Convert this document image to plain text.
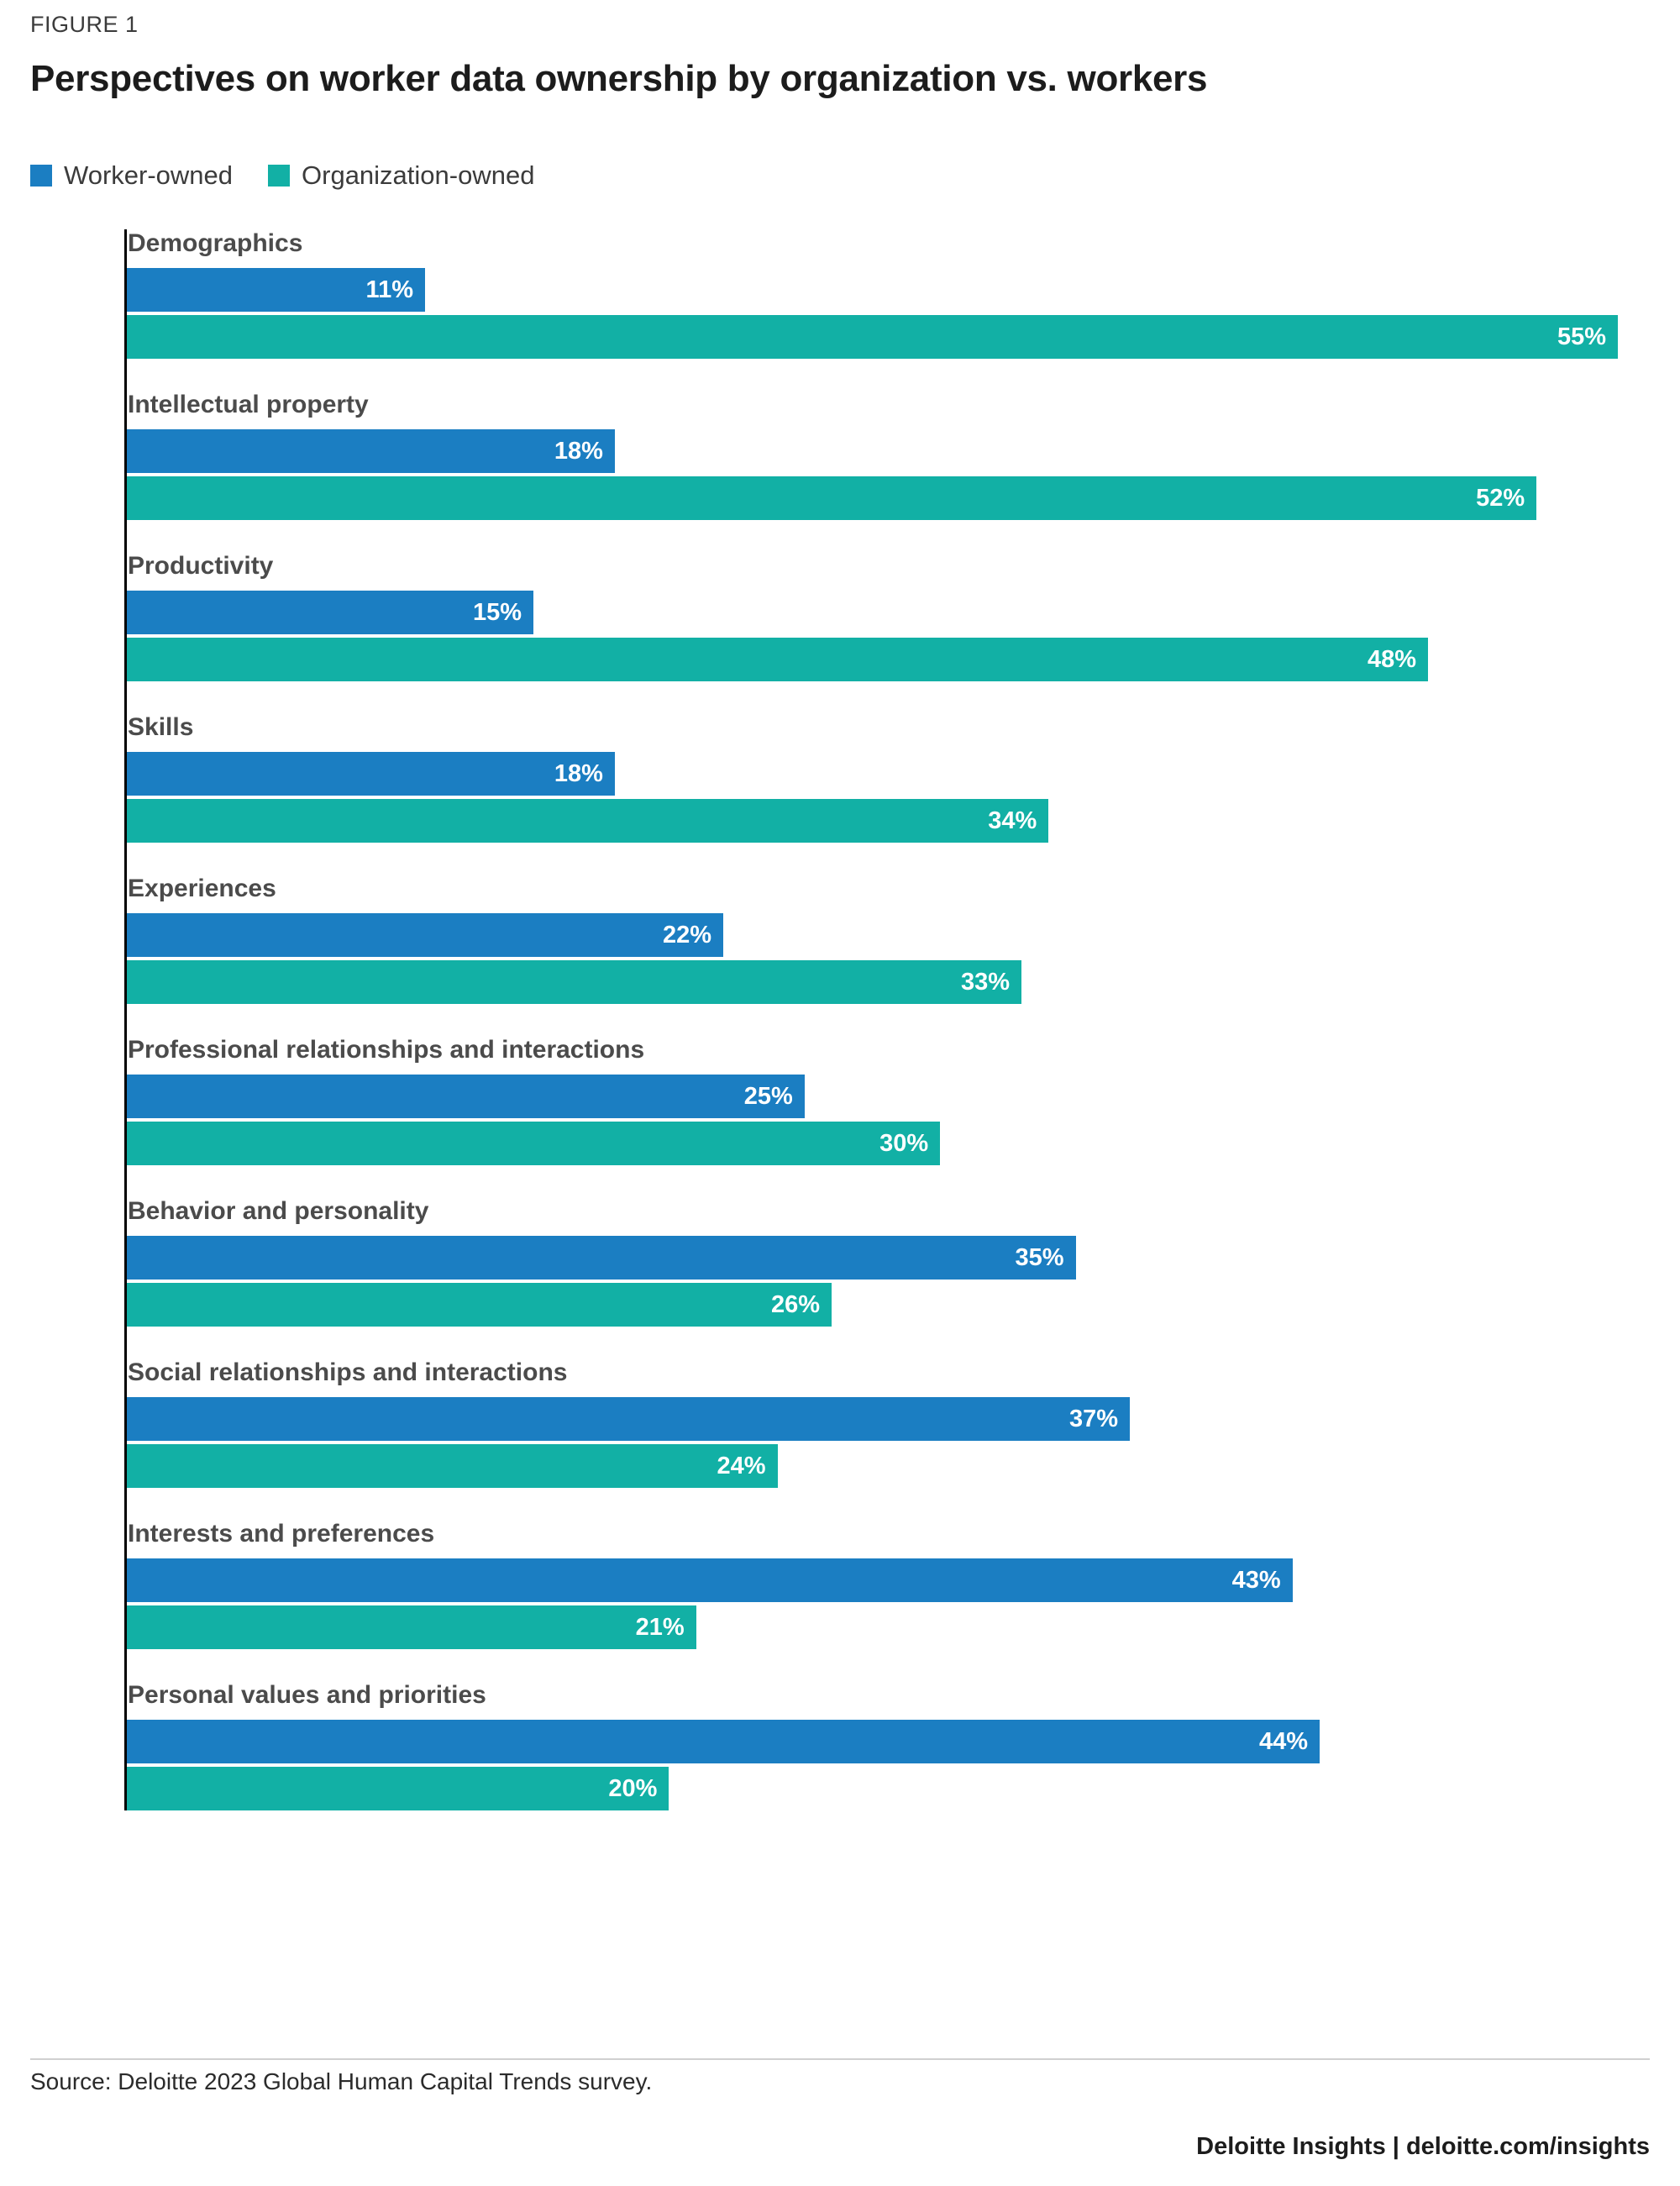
FIGURE 1
Perspectives on worker data ownership by organization vs. workers
Worker-owned	Organization-owned
Demographics
11%
55%
Intellectual property
18%
52%
Productivity
15%
48%
Skills
18%
34%
Experiences
22%
33%
Professional relationships and interactions
25%
30%
Behavior and personality
35%
26%
Social relationships and interactions
37%
24%
Interests and preferences
43%
21%
Personal values and priorities
44%
20%
Source: Deloitte 2023 Global Human Capital Trends survey.
Deloitte Insights | deloitte.com/insights
